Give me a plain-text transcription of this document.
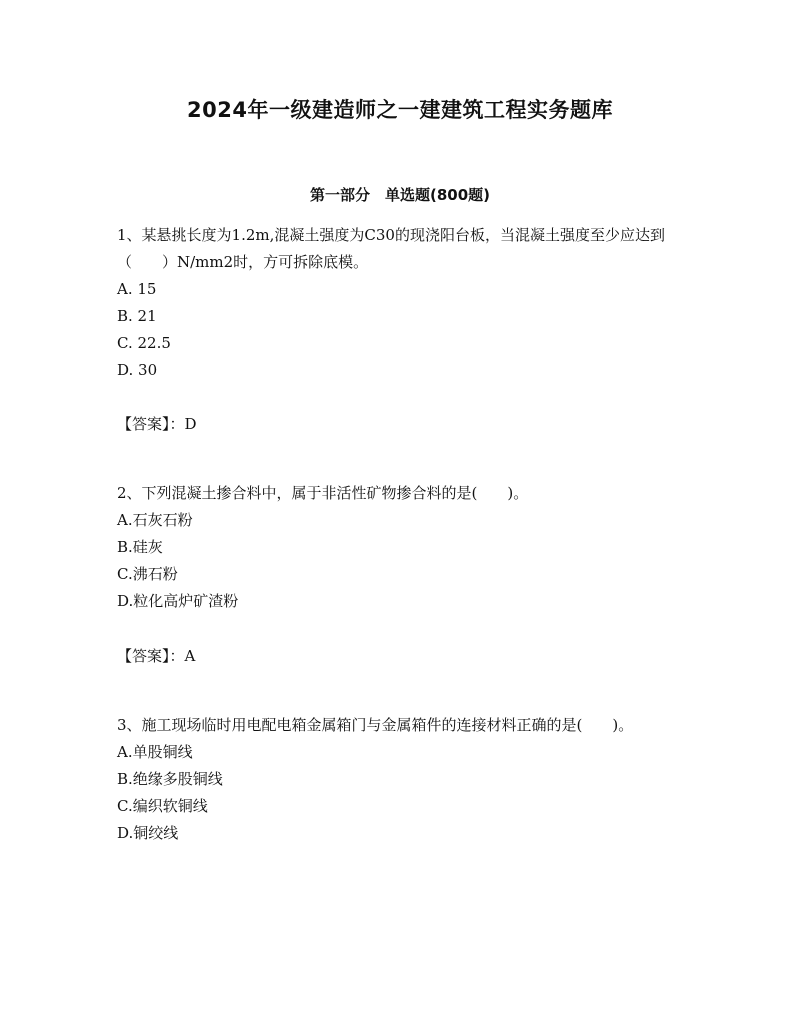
2024年一级建造师之一建建筑工程实务题库
第一部分　单选题(800题)

1、某悬挑长度为1.2m,混凝土强度为C30的现浇阳台板，当混凝土强度至少应达到（　　）N/mm2时，方可拆除底模。

A. 15
B. 21
C. 22.5
D. 30
【答案】：D

2、下列混凝土掺合料中，属于非活性矿物掺合料的是(　　)。

A.石灰石粉
B.硅灰
C.沸石粉
D.粒化高炉矿渣粉
【答案】：A

3、施工现场临时用电配电箱金属箱门与金属箱件的连接材料正确的是(　　)。

A.单股铜线
B.绝缘多股铜线
C.编织软铜线
D.铜绞线
